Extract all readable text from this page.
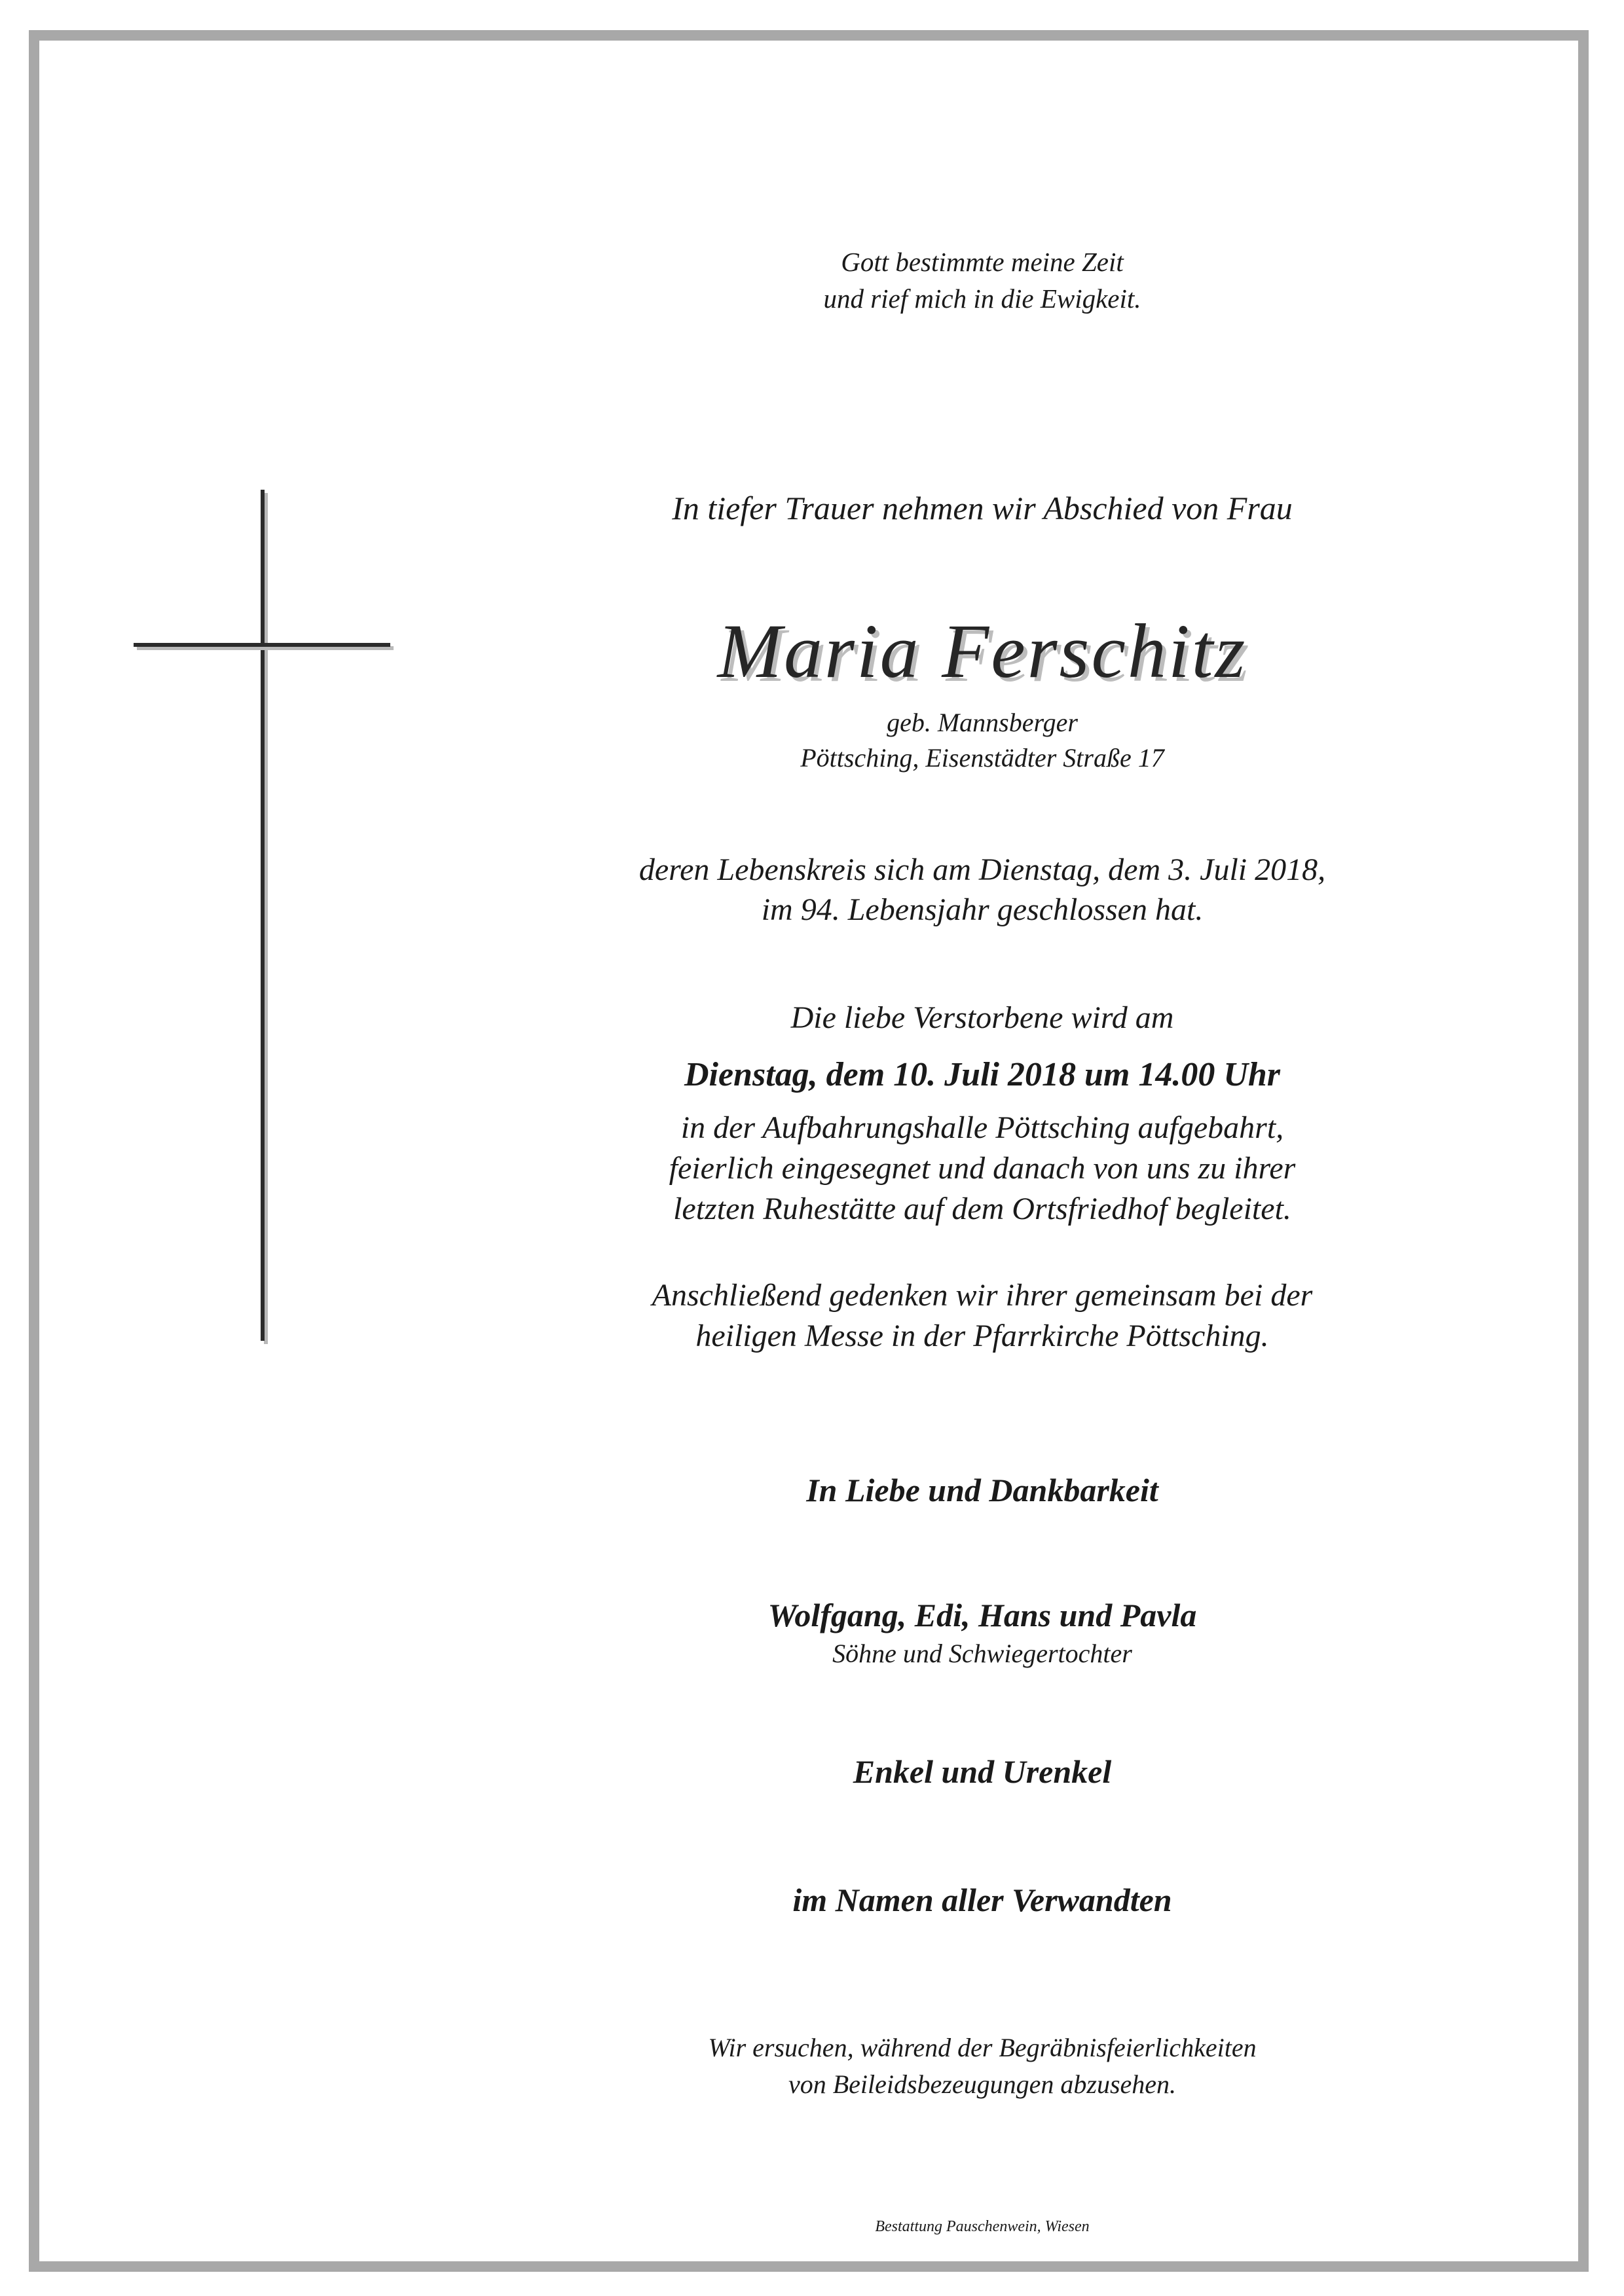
Gott bestimmte meine Zeit
und rief mich in die Ewigkeit.
In tiefer Trauer nehmen wir Abschied von Frau
Maria Ferschitz
geb. Mannsberger
Pöttsching, Eisenstädter Straße 17
deren Lebenskreis sich am Dienstag, dem 3. Juli 2018,
im 94. Lebensjahr geschlossen hat.
Die liebe Verstorbene wird am
Dienstag, dem 10. Juli 2018 um 14.00 Uhr
in der Aufbahrungshalle Pöttsching aufgebahrt,
feierlich eingesegnet und danach von uns zu ihrer
letzten Ruhestätte auf dem Ortsfriedhof begleitet.
Anschließend gedenken wir ihrer gemeinsam bei der
heiligen Messe in der Pfarrkirche Pöttsching.
In Liebe und Dankbarkeit
Wolfgang, Edi, Hans und Pavla
Söhne und Schwiegertochter
Enkel und Urenkel
im Namen aller Verwandten
Wir ersuchen, während der Begräbnisfeierlichkeiten
von Beileidsbezeugungen abzusehen.
Bestattung Pauschenwein, Wiesen
